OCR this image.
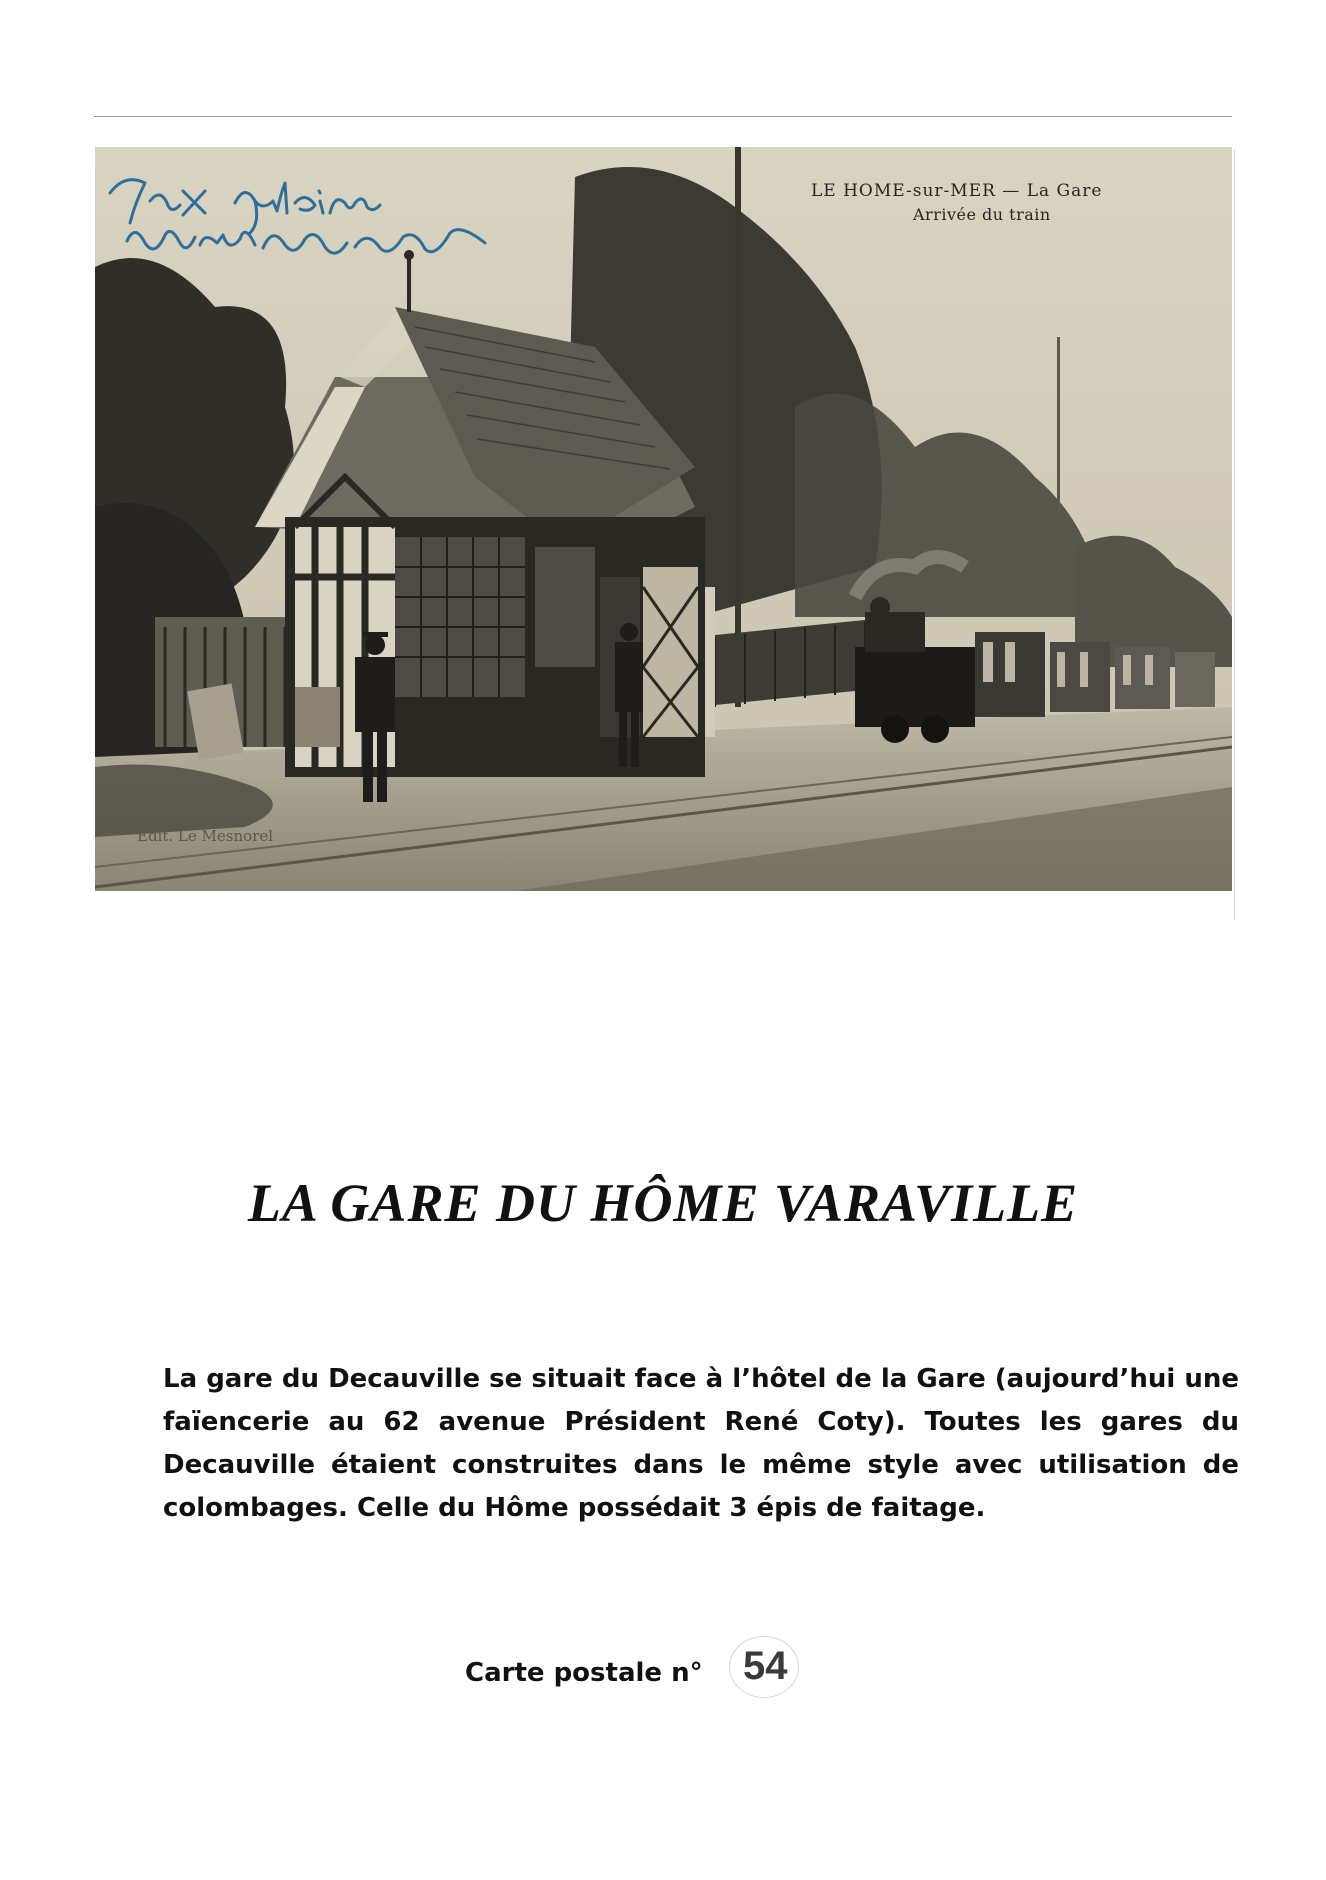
LE HOME-sur-MER — La Gare
Arrivée du train
Edit. Le Mesnorel
LA GARE DU HÔME VARAVILLE

La gare du Decauville se situait face à l’hôtel de la Gare (aujourd’hui une faïencerie au 62 avenue Président René Coty). Toutes les gares du Decauville étaient construites dans le même style avec utilisation de colombages. Celle du Hôme possédait 3 épis de faitage.

Carte postale n° 54
